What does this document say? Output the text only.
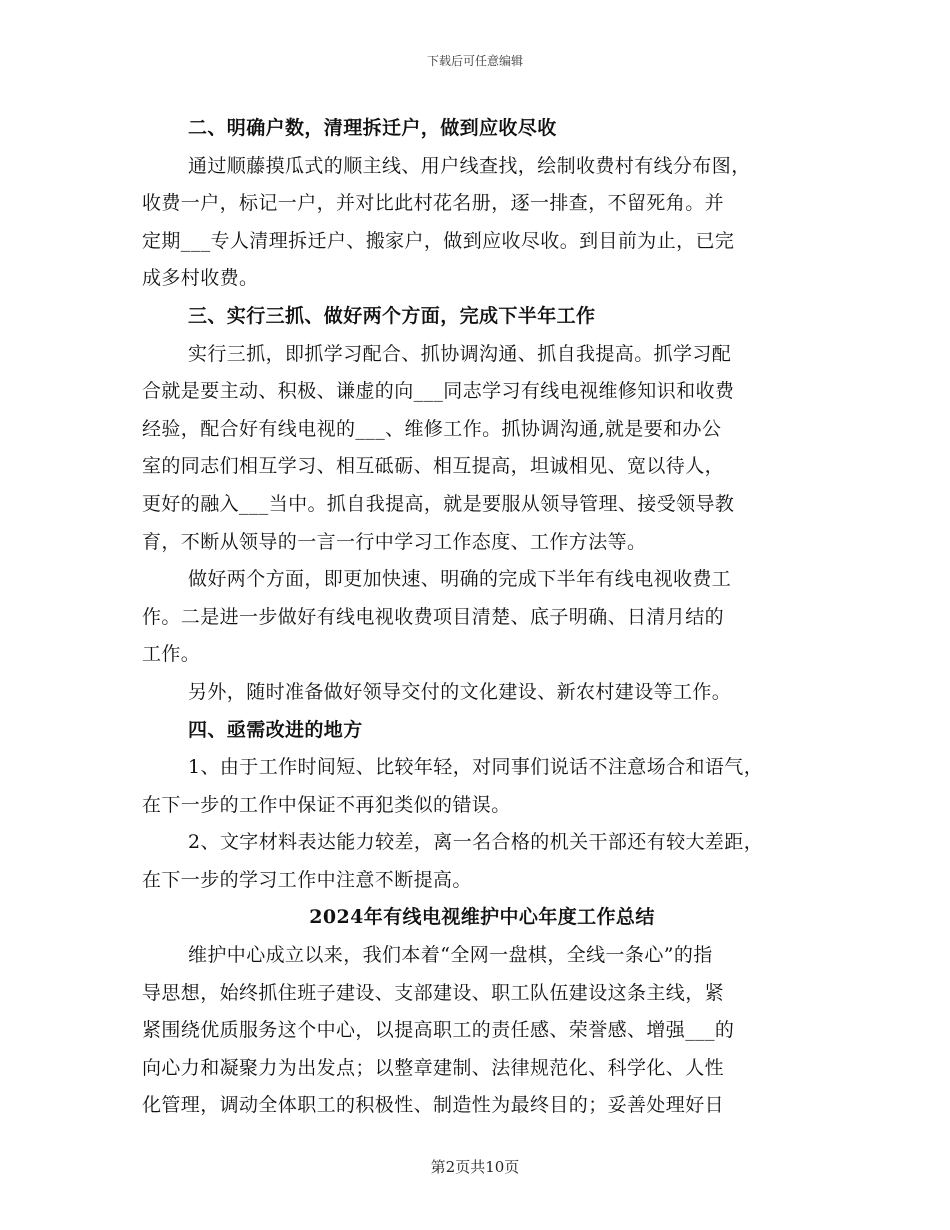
下载后可任意编辑
二、明确户数，清理拆迁户，做到应收尽收
通过顺藤摸瓜式的顺主线、用户线查找，绘制收费村有线分布图，
收费一户，标记一户，并对比此村花名册，逐一排查，不留死角。并
定期___专人清理拆迁户、搬家户，做到应收尽收。到目前为止，已完
成多村收费。
三、实行三抓、做好两个方面，完成下半年工作
实行三抓，即抓学习配合、抓协调沟通、抓自我提高。抓学习配
合就是要主动、积极、谦虚的向___同志学习有线电视维修知识和收费
经验，配合好有线电视的___、维修工作。抓协调沟通,就是要和办公
室的同志们相互学习、相互砥砺、相互提高，坦诚相见、宽以待人，
更好的融入___当中。抓自我提高，就是要服从领导管理、接受领导教
育，不断从领导的一言一行中学习工作态度、工作方法等。
做好两个方面，即更加快速、明确的完成下半年有线电视收费工
作。二是进一步做好有线电视收费项目清楚、底子明确、日清月结的
工作。
另外，随时准备做好领导交付的文化建设、新农村建设等工作。
四、亟需改进的地方
1、由于工作时间短、比较年轻，对同事们说话不注意场合和语气，
在下一步的工作中保证不再犯类似的错误。
2、文字材料表达能力较差，离一名合格的机关干部还有较大差距，
在下一步的学习工作中注意不断提高。
2024年有线电视维护中心年度工作总结
维护中心成立以来，我们本着“全网一盘棋，全线一条心”的指
导思想，始终抓住班子建设、支部建设、职工队伍建设这条主线，紧
紧围绕优质服务这个中心，以提高职工的责任感、荣誉感、增强___的
向心力和凝聚力为出发点；以整章建制、法律规范化、科学化、人性
化管理，调动全体职工的积极性、制造性为最终目的；妥善处理好日
第2页共10页
